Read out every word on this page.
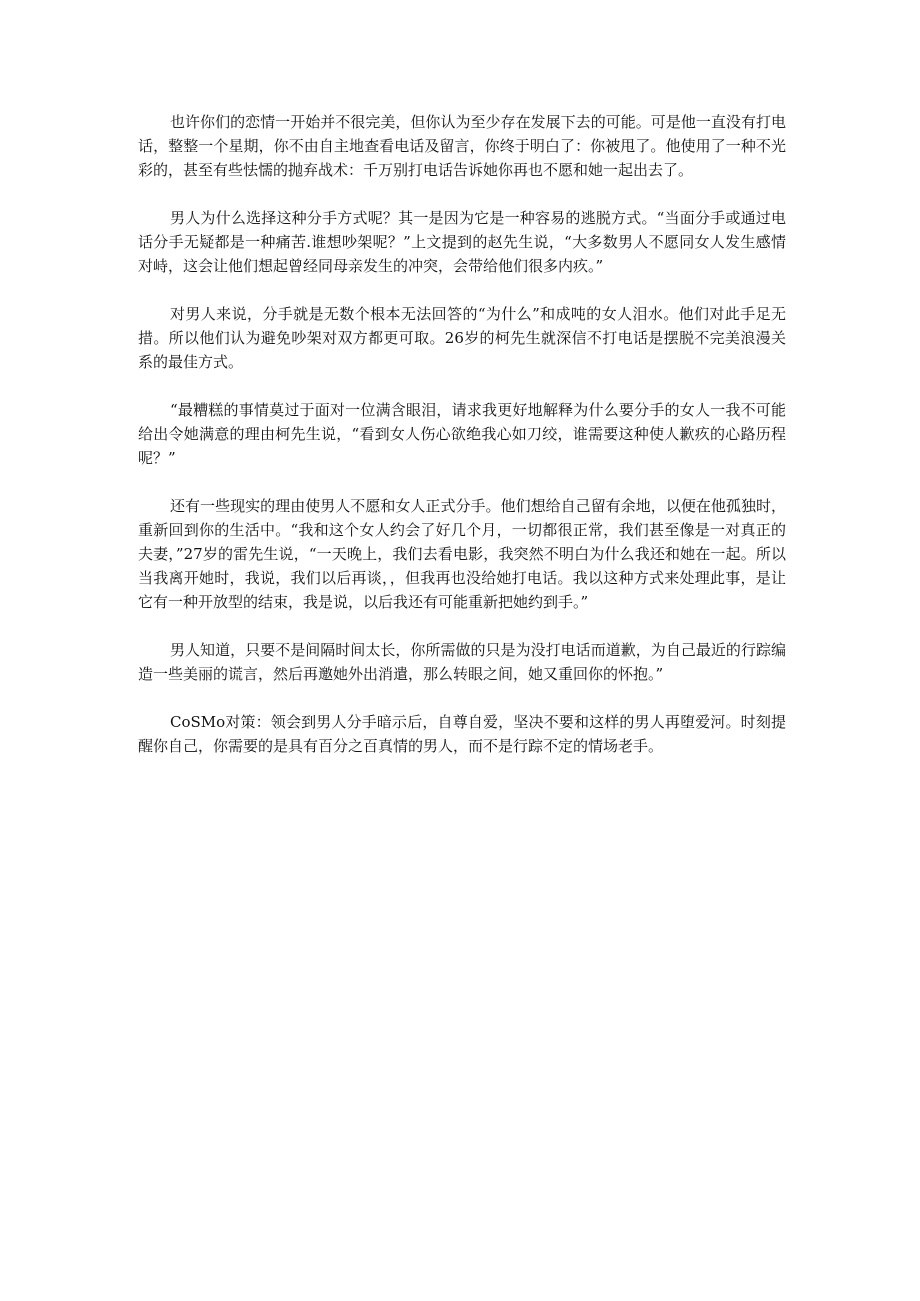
也许你们的恋情一开始并不很完美，但你认为至少存在发展下去的可能。可是他一直没有打电话，整整一个星期，你不由自主地查看电话及留言，你终于明白了：你被甩了。他使用了一种不光彩的，甚至有些怯懦的抛弃战术：千万别打电话告诉她你再也不愿和她一起出去了。

男人为什么选择这种分手方式呢？其一是因为它是一种容易的逃脱方式。“当面分手或通过电话分手无疑都是一种痛苦.谁想吵架呢？”上文提到的赵先生说，“大多数男人不愿同女人发生感情对峙，这会让他们想起曾经同母亲发生的冲突，会带给他们很多内疚。”

对男人来说，分手就是无数个根本无法回答的“为什么”和成吨的女人泪水。他们对此手足无措。所以他们认为避免吵架对双方都更可取。26岁的柯先生就深信不打电话是摆脱不完美浪漫关系的最佳方式。

“最糟糕的事情莫过于面对一位满含眼泪，请求我更好地解释为什么要分手的女人一我不可能给出令她满意的理由柯先生说，“看到女人伤心欲绝我心如刀绞，谁需要这种使人歉疚的心路历程呢？”

还有一些现实的理由使男人不愿和女人正式分手。他们想给自己留有余地，以便在他孤独时，重新回到你的生活中。“我和这个女人约会了好几个月，一切都很正常，我们甚至像是一对真正的夫妻，”27岁的雷先生说，“一天晚上，我们去看电影，我突然不明白为什么我还和她在一起。所以当我离开她时，我说，我们以后再谈，，但我再也没给她打电话。我以这种方式来处理此事，是让它有一种开放型的结束，我是说，以后我还有可能重新把她约到手。”

男人知道，只要不是间隔时间太长，你所需做的只是为没打电话而道歉，为自己最近的行踪编造一些美丽的谎言，然后再邀她外出消遣，那么转眼之间，她又重回你的怀抱。”

CoSMo对策：领会到男人分手暗示后，自尊自爱，坚决不要和这样的男人再堕爱河。时刻提醒你自己，你需要的是具有百分之百真情的男人，而不是行踪不定的情场老手。
